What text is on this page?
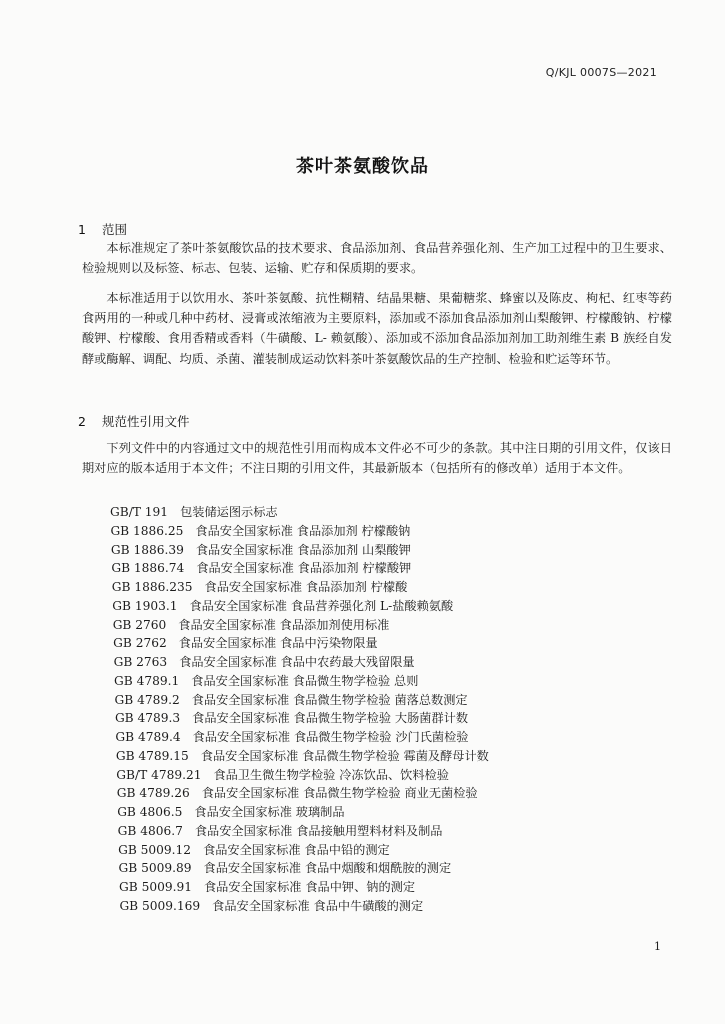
Q/KJL 0007S—2021
茶叶茶氨酸饮品
1 范围
本标准规定了茶叶茶氨酸饮品的技术要求、食品添加剂、食品营养强化剂、生产加工过程中的卫生要求、检验规则以及标签、标志、包装、运输、贮存和保质期的要求。
本标准适用于以饮用水、茶叶茶氨酸、抗性糊精、结晶果糖、果葡糖浆、蜂蜜以及陈皮、枸杞、红枣等药食两用的一种或几种中药材、浸膏或浓缩液为主要原料，添加或不添加食品添加剂山梨酸钾、柠檬酸钠、柠檬酸钾、柠檬酸、食用香精或香料（牛磺酸、L- 赖氨酸）、添加或不添加食品添加剂加工助剂维生素 B 族经自发酵或酶解、调配、均质、杀菌、灌装制成运动饮料茶叶茶氨酸饮品的生产控制、检验和贮运等环节。
2 规范性引用文件
下列文件中的内容通过文中的规范性引用而构成本文件必不可少的条款。其中注日期的引用文件，仅该日期对应的版本适用于本文件；不注日期的引用文件，其最新版本（包括所有的修改单）适用于本文件。
GB/T 191 包装储运图示标志
GB 1886.25 食品安全国家标准 食品添加剂 柠檬酸钠
GB 1886.39 食品安全国家标准 食品添加剂 山梨酸钾
GB 1886.74 食品安全国家标准 食品添加剂 柠檬酸钾
GB 1886.235 食品安全国家标准 食品添加剂 柠檬酸
GB 1903.1 食品安全国家标准 食品营养强化剂 L-盐酸赖氨酸
GB 2760 食品安全国家标准 食品添加剂使用标准
GB 2762 食品安全国家标准 食品中污染物限量
GB 2763 食品安全国家标准 食品中农药最大残留限量
GB 4789.1 食品安全国家标准 食品微生物学检验 总则
GB 4789.2 食品安全国家标准 食品微生物学检验 菌落总数测定
GB 4789.3 食品安全国家标准 食品微生物学检验 大肠菌群计数
GB 4789.4 食品安全国家标准 食品微生物学检验 沙门氏菌检验
GB 4789.15 食品安全国家标准 食品微生物学检验 霉菌及酵母计数
GB/T 4789.21 食品卫生微生物学检验 冷冻饮品、饮料检验
GB 4789.26 食品安全国家标准 食品微生物学检验 商业无菌检验
GB 4806.5 食品安全国家标准 玻璃制品
GB 4806.7 食品安全国家标准 食品接触用塑料材料及制品
GB 5009.12 食品安全国家标准 食品中铅的测定
GB 5009.89 食品安全国家标准 食品中烟酸和烟酰胺的测定
GB 5009.91 食品安全国家标准 食品中钾、钠的测定
GB 5009.169 食品安全国家标准 食品中牛磺酸的测定
1
